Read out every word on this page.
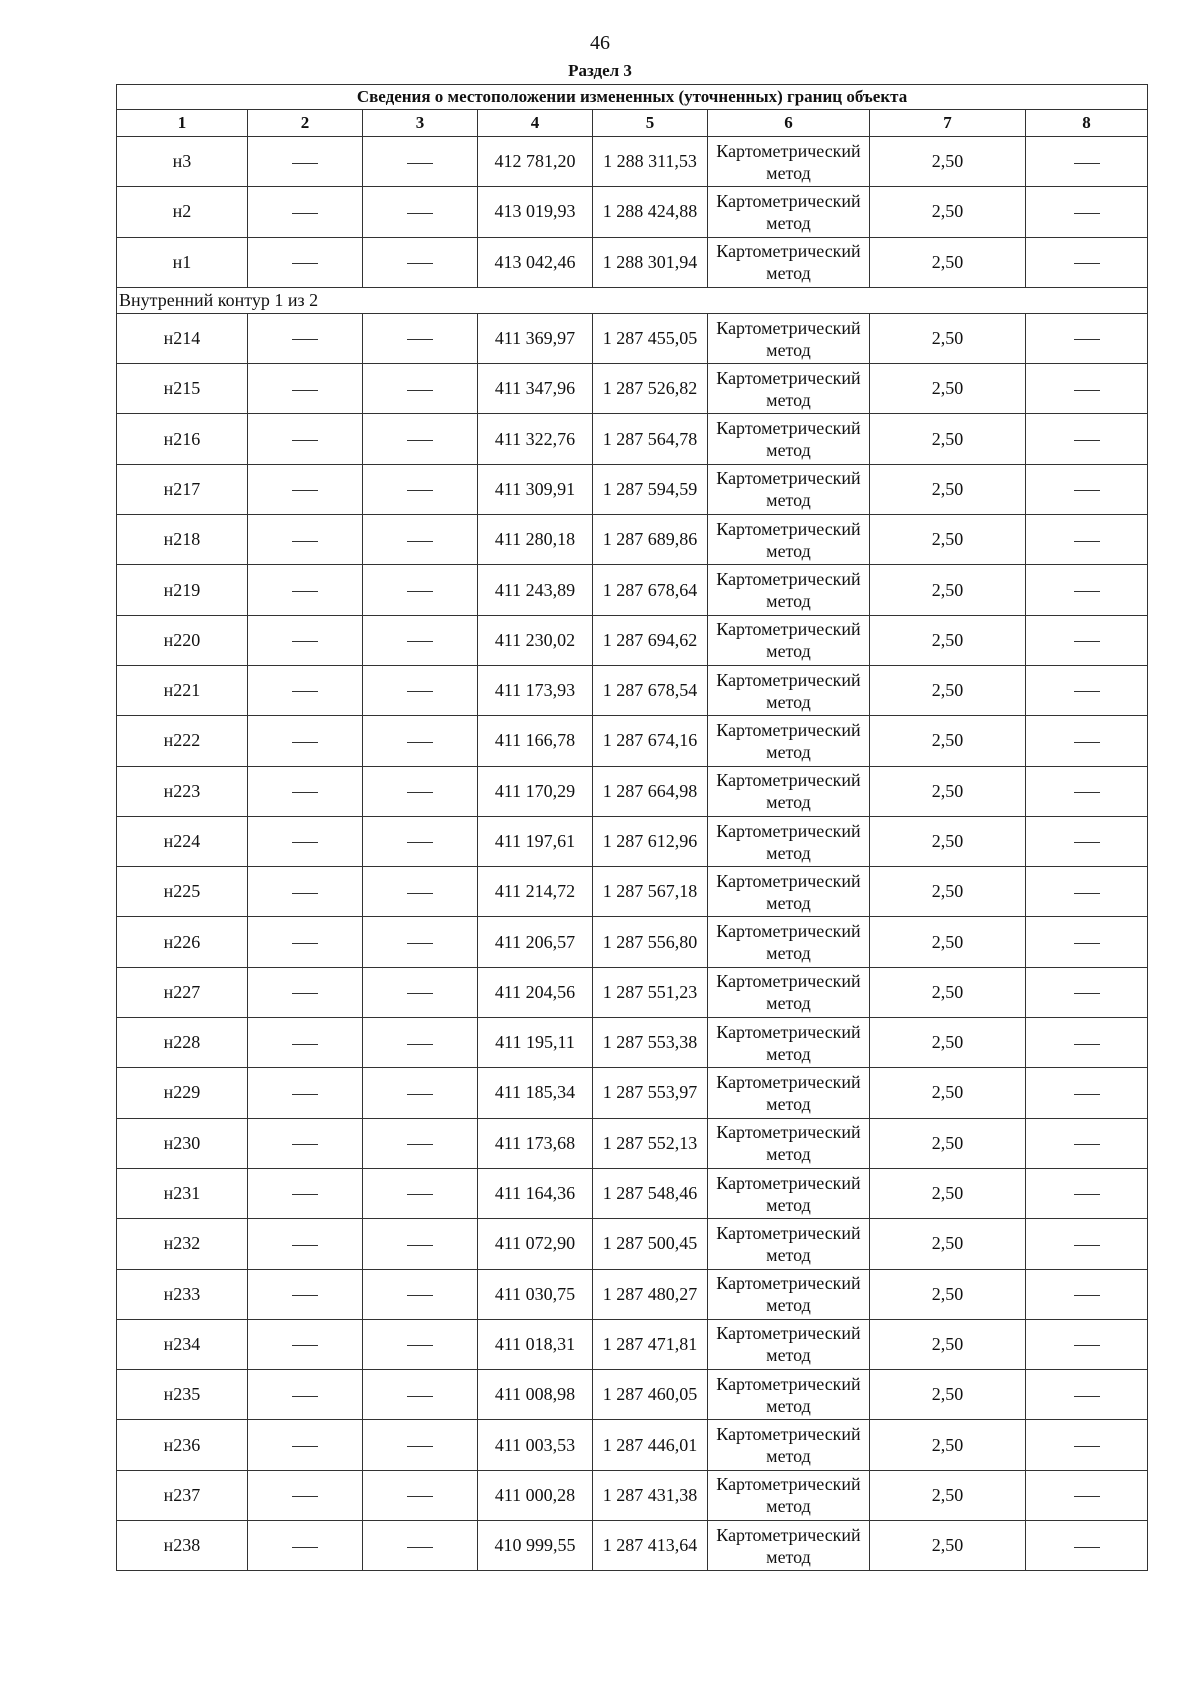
46
Раздел 3
Сведения о местоположении измененных (уточненных) границ объекта							
1	2	3	4	5	6	7	8
н3			412 781,20	1 288 311,53	Картометрический метод	2,50	
н2			413 019,93	1 288 424,88	Картометрический метод	2,50	
н1			413 042,46	1 288 301,94	Картометрический метод	2,50	
Внутренний контур 1 из 2							
н214			411 369,97	1 287 455,05	Картометрический метод	2,50	
н215			411 347,96	1 287 526,82	Картометрический метод	2,50	
н216			411 322,76	1 287 564,78	Картометрический метод	2,50	
н217			411 309,91	1 287 594,59	Картометрический метод	2,50	
н218			411 280,18	1 287 689,86	Картометрический метод	2,50	
н219			411 243,89	1 287 678,64	Картометрический метод	2,50	
н220			411 230,02	1 287 694,62	Картометрический метод	2,50	
н221			411 173,93	1 287 678,54	Картометрический метод	2,50	
н222			411 166,78	1 287 674,16	Картометрический метод	2,50	
н223			411 170,29	1 287 664,98	Картометрический метод	2,50	
н224			411 197,61	1 287 612,96	Картометрический метод	2,50	
н225			411 214,72	1 287 567,18	Картометрический метод	2,50	
н226			411 206,57	1 287 556,80	Картометрический метод	2,50	
н227			411 204,56	1 287 551,23	Картометрический метод	2,50	
н228			411 195,11	1 287 553,38	Картометрический метод	2,50	
н229			411 185,34	1 287 553,97	Картометрический метод	2,50	
н230			411 173,68	1 287 552,13	Картометрический метод	2,50	
н231			411 164,36	1 287 548,46	Картометрический метод	2,50	
н232			411 072,90	1 287 500,45	Картометрический метод	2,50	
н233			411 030,75	1 287 480,27	Картометрический метод	2,50	
н234			411 018,31	1 287 471,81	Картометрический метод	2,50	
н235			411 008,98	1 287 460,05	Картометрический метод	2,50	
н236			411 003,53	1 287 446,01	Картометрический метод	2,50	
н237			411 000,28	1 287 431,38	Картометрический метод	2,50	
н238			410 999,55	1 287 413,64	Картометрический метод	2,50	
